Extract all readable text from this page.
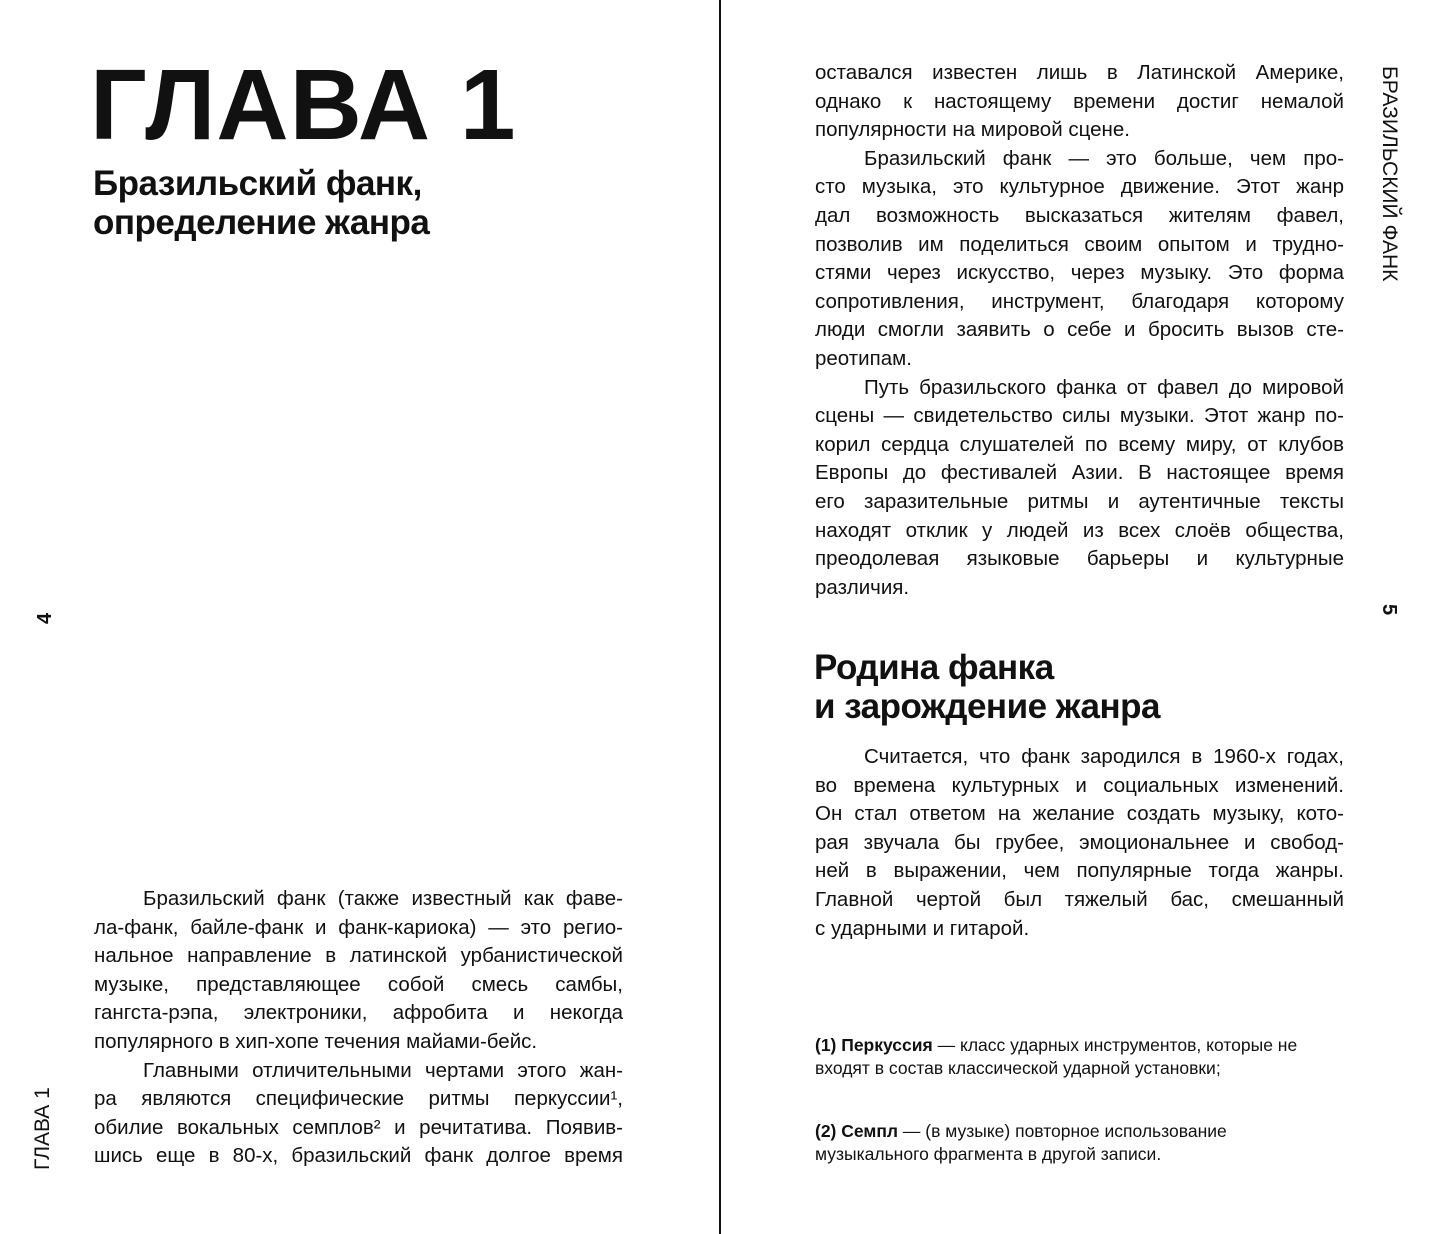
ГЛАВА 1
Бразильский фанк,
определение жанра
Бразильский фанк (также известный как фаве-
ла-фанк, байле-фанк и фанк-кариока) — это регио-
нальное направление в латинской урбанистической
музыке, представляющее собой смесь самбы,
гангста-рэпа, электроники, афробита и некогда
популярного в хип-хопе течения майами-бейс.
Главными отличительными чертами этого жан-
ра являются специфические ритмы перкуссии¹,
обилие вокальных семплов² и речитатива. Появив-
шись еще в 80-х, бразильский фанк долгое время
ГЛАВА 1
4
оставался известен лишь в Латинской Америке,
однако к настоящему времени достиг немалой
популярности на мировой сцене.
Бразильский фанк — это больше, чем про-
сто музыка, это культурное движение. Этот жанр
дал возможность высказаться жителям фавел,
позволив им поделиться своим опытом и трудно-
стями через искусство, через музыку. Это форма
сопротивления, инструмент, благодаря которому
люди смогли заявить о себе и бросить вызов сте-
реотипам.
Путь бразильского фанка от фавел до мировой
сцены — свидетельство силы музыки. Этот жанр по-
корил сердца слушателей по всему миру, от клубов
Европы до фестивалей Азии. В настоящее время
его заразительные ритмы и аутентичные тексты
находят отклик у людей из всех слоёв общества,
преодолевая языковые барьеры и культурные
различия.
Родина фанка
и зарождение жанра
Считается, что фанк зародился в 1960-х годах,
во времена культурных и социальных изменений.
Он стал ответом на желание создать музыку, кото-
рая звучала бы грубее, эмоциональнее и свобод-
ней в выражении, чем популярные тогда жанры.
Главной чертой был тяжелый бас, смешанный
с ударными и гитарой.
(1) Перкуссия — класс ударных инструментов, которые не входят в состав классической ударной установки;
(2) Семпл — (в музыке) повторное использование музыкального фрагмента в другой записи.
БРАЗИЛЬСКИЙ ФАНК
5
